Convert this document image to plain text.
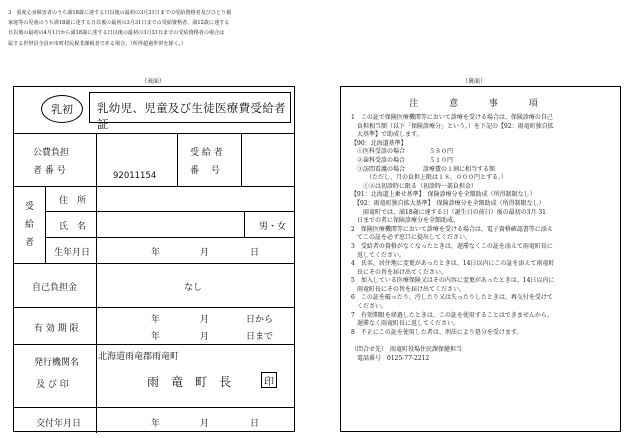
3　重度心身障害者のうち満18歳に達する日以後の最初の3月31日までの受給資格者及びひとり親
家庭等の児童のうち満18歳に達する日以後の最初の3月31日までの受給資格者、満12歳に達する
日以後の最初の4月1日から満18歳に達する日以後の最初の3月31日までの受給資格者の場合は
属する世帯員全員が市町村民税非課税者である場合。（所得超過世帯を除く。）
（表面）	（裏面）
乳初	乳幼児、児童及び生徒医療費受給者証
公費負担
者 番 号	92011154
受 給 者
番　 号
受
給
者
住　所
氏　名	男・女
生年月日	年	月	日
自己負担金	なし
有 効 期 限
年	月	日から
年	月	日まで
発行機関名
及 び 印
北海道雨竜郡雨竜町
雨　竜　町　長	印
交付年月日	年	月	日
注 意 事 項
1　この証で保険医療機関等において診療を受ける場合は、保険診療の自己
　負担相当額（以下「保険診療分」という。）を下記の【92：雨竜町独自拡
　大基準】で助成します。
【90：北海道基準】
　①医科受診の場合　　　　５８０円
　②歯科受診の場合　　　　５１０円
　③訪問看護の場合　　　診療費の１割に相当する額
　　　（ただし、月の負担上限は１８，０００円とする。）
　　①②は初診時に限る（初診時一部負担金）
【91：北海道上乗せ基準】　保険診療分を全額助成（所得制限なし）
　【92：雨竜町独自拡大基準】　保険診療分を全額助成（所得制限なし）
　　雨竜町では、満18歳に達する日（誕生日の前日）後の最初の3月 31
　日までの者に保険診療分を全額助成。
2　保険医療機関等において診療を受ける場合は、電子資格確認書等に添え
　てこの証を必ず窓口に提出してください。
3　受給者の資格がなくなったときは、遅滞なくこの証を添えて雨竜町長に
　返してください。
4　氏名、居住地に変更があったときは、14日以内にこの証を添えて雨竜町
　長にその旨を届け出てください。
5　加入している医療保険又はその内容に変更があったときは、14日以内に
　雨竜町長にその旨を届け出てください。
6　この証を破ったり、汚したり又は失ったりしたときは、再交付を受けて
　ください。
7　有効期限を経過したときは、この証を使用することはできませんから、
　遅滞なく雨竜町長に返してください。
8　不正にこの証を使用した者は、刑法により処分を受けます。

（問合せ先）　雨竜町役場住民課保健担当
　電話番号　0125-77-2212
